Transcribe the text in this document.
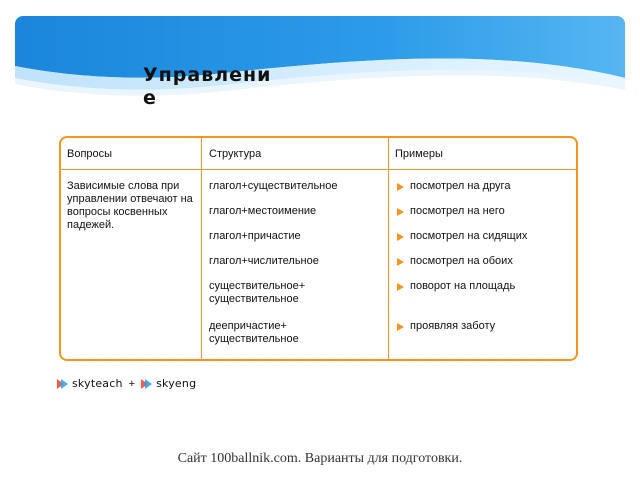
Управление
Вопросы	Структура	Примеры
Зависимые слова при управлении отвечают на вопросы косвенных падежей.
глагол+существительное
глагол+местоимение
глагол+причастие
глагол+числительное
существительное+ существительное
деепричастие+ существительное
посмотрел на друга
посмотрел на него
посмотрел на сидящих
посмотрел на обоих
поворот на площадь
проявляя заботу
skyteach + skyeng
Сайт 100ballnik.com. Варианты для подготовки.
